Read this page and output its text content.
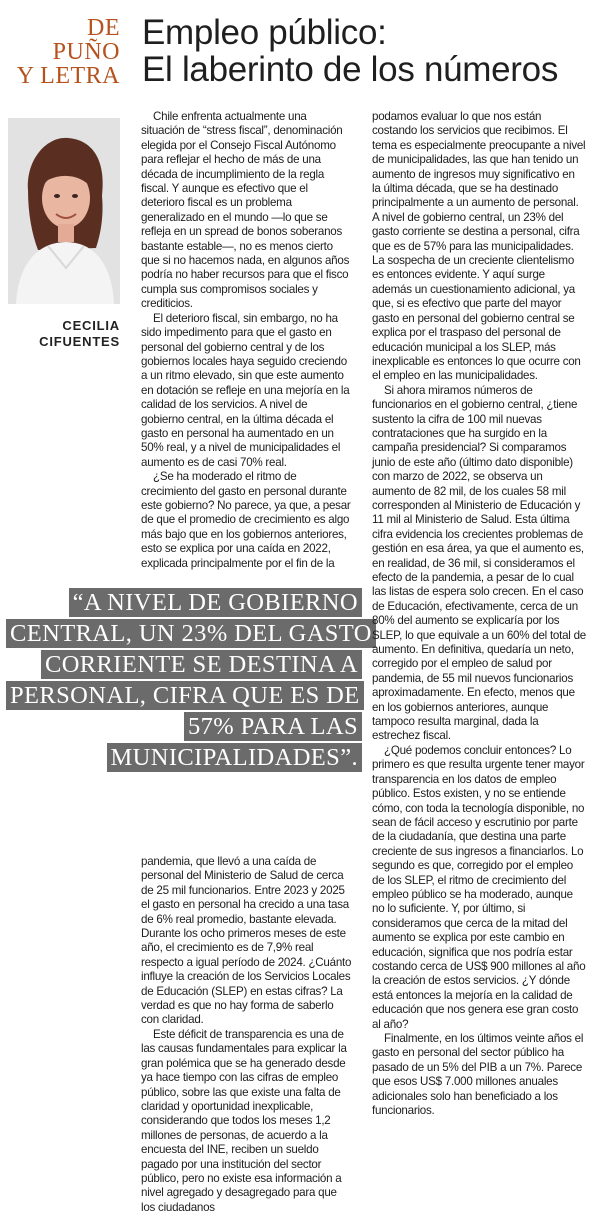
DE
PUÑO
Y LETRA
Empleo público:
El laberinto de los números
CECILIA
CIFUENTES

Chile enfrenta actualmente una situación de “stress fiscal”, denominación elegida por el Consejo Fiscal Autónomo para reflejar el hecho de más de una década de incumplimiento de la regla fiscal. Y aunque es efectivo que el deterioro fiscal es un problema generalizado en el mundo —lo que se refleja en un spread de bonos soberanos bastante estable—, no es menos cierto que si no hacemos nada, en algunos años podría no haber recursos para que el fisco cumpla sus compromisos sociales y crediticios.

El deterioro fiscal, sin embargo, no ha sido impedimento para que el gasto en personal del gobierno central y de los gobiernos locales haya seguido creciendo a un ritmo elevado, sin que este aumento en dotación se refleje en una mejoría en la calidad de los servicios. A nivel de gobierno central, en la última década el gasto en personal ha aumentado en un 50% real, y a nivel de municipalidades el aumento es de casi 70% real.

¿Se ha moderado el ritmo de crecimiento del gasto en personal durante este gobierno? No parece, ya que, a pesar de que el promedio de crecimiento es algo más bajo que en los gobiernos anteriores, esto se explica por una caída en 2022, explicada principalmente por el fin de la

“A NIVEL DE GOBIERNO
CENTRAL, UN 23% DEL GASTO
CORRIENTE SE DESTINA A
PERSONAL, CIFRA QUE ES DE
57% PARA LAS
MUNICIPALIDADES”.

pandemia, que llevó a una caída de personal del Ministerio de Salud de cerca de 25 mil funcionarios. Entre 2023 y 2025 el gasto en personal ha crecido a una tasa de 6% real promedio, bastante elevada. Durante los ocho primeros meses de este año, el crecimiento es de 7,9% real respecto a igual período de 2024. ¿Cuánto influye la creación de los Servicios Locales de Educación (SLEP) en estas cifras? La verdad es que no hay forma de saberlo con claridad.

Este déficit de transparencia es una de las causas fundamentales para explicar la gran polémica que se ha generado desde ya hace tiempo con las cifras de empleo público, sobre las que existe una falta de claridad y oportunidad inexplicable, considerando que todos los meses 1,2 millones de personas, de acuerdo a la encuesta del INE, reciben un sueldo pagado por una institución del sector público, pero no existe esa información a nivel agregado y desagregado para que los ciudadanos

podamos evaluar lo que nos están costando los servicios que recibimos. El tema es especialmente preocupante a nivel de municipalidades, las que han tenido un aumento de ingresos muy significativo en la última década, que se ha destinado principalmente a un aumento de personal. A nivel de gobierno central, un 23% del gasto corriente se destina a personal, cifra que es de 57% para las municipalidades. La sospecha de un creciente clientelismo es entonces evidente. Y aquí surge además un cuestionamiento adicional, ya que, si es efectivo que parte del mayor gasto en personal del gobierno central se explica por el traspaso del personal de educación municipal a los SLEP, más inexplicable es entonces lo que ocurre con el empleo en las municipalidades.

Si ahora miramos números de funcionarios en el gobierno central, ¿tiene sustento la cifra de 100 mil nuevas contrataciones que ha surgido en la campaña presidencial? Si comparamos junio de este año (último dato disponible) con marzo de 2022, se observa un aumento de 82 mil, de los cuales 58 mil corresponden al Ministerio de Educación y 11 mil al Ministerio de Salud. Esta última cifra evidencia los crecientes problemas de gestión en esa área, ya que el aumento es, en realidad, de 36 mil, si consideramos el efecto de la pandemia, a pesar de lo cual las listas de espera solo crecen. En el caso de Educación, efectivamente, cerca de un 80% del aumento se explicaría por los SLEP, lo que equivale a un 60% del total de aumento. En definitiva, quedaría un neto, corregido por el empleo de salud por pandemia, de 55 mil nuevos funcionarios aproximadamente. En efecto, menos que en los gobiernos anteriores, aunque tampoco resulta marginal, dada la estrechez fiscal.

¿Qué podemos concluir entonces? Lo primero es que resulta urgente tener mayor transparencia en los datos de empleo público. Estos existen, y no se entiende cómo, con toda la tecnología disponible, no sean de fácil acceso y escrutinio por parte de la ciudadanía, que destina una parte creciente de sus ingresos a financiarlos. Lo segundo es que, corregido por el empleo de los SLEP, el ritmo de crecimiento del empleo público se ha moderado, aunque no lo suficiente. Y, por último, si consideramos que cerca de la mitad del aumento se explica por este cambio en educación, significa que nos podría estar costando cerca de US$ 900 millones al año la creación de estos servicios. ¿Y dónde está entonces la mejoría en la calidad de educación que nos genera ese gran costo al año?

Finalmente, en los últimos veinte años el gasto en personal del sector público ha pasado de un 5% del PIB a un 7%. Parece que esos US$ 7.000 millones anuales adicionales solo han beneficiado a los funcionarios.
